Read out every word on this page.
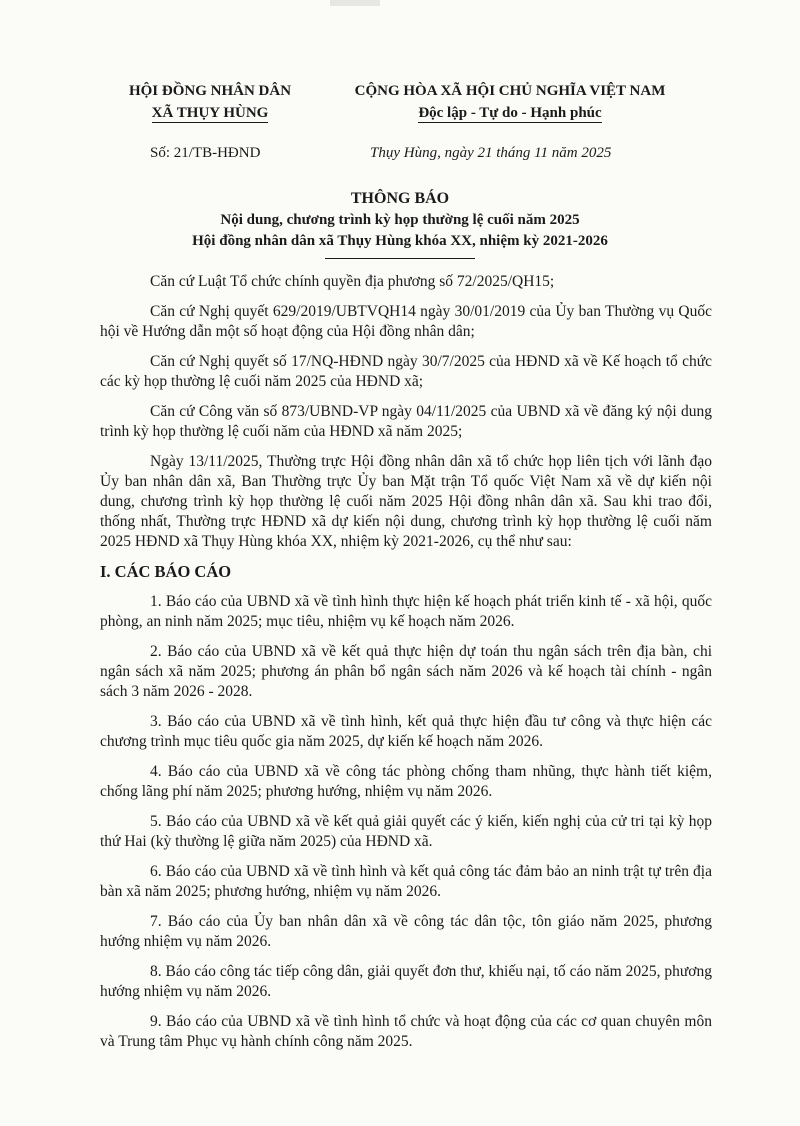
HỘI ĐỒNG NHÂN DÂN
XÃ THỤY HÙNG
CỘNG HÒA XÃ HỘI CHỦ NGHĨA VIỆT NAM
Độc lập - Tự do - Hạnh phúc
Số: 21/TB-HĐND	Thụy Hùng, ngày 21 tháng 11 năm 2025
THÔNG BÁO
Nội dung, chương trình kỳ họp thường lệ cuối năm 2025
Hội đồng nhân dân xã Thụy Hùng khóa XX, nhiệm kỳ 2021-2026

Căn cứ Luật Tổ chức chính quyền địa phương số 72/2025/QH15;

Căn cứ Nghị quyết 629/2019/UBTVQH14 ngày 30/01/2019 của Ủy ban Thường vụ Quốc hội về Hướng dẫn một số hoạt động của Hội đồng nhân dân;

Căn cứ Nghị quyết số 17/NQ-HĐND ngày 30/7/2025 của HĐND xã về Kế hoạch tổ chức các kỳ họp thường lệ cuối năm 2025 của HĐND xã;

Căn cứ Công văn số 873/UBND-VP ngày 04/11/2025 của UBND xã về đăng ký nội dung trình kỳ họp thường lệ cuối năm của HĐND xã năm 2025;

Ngày 13/11/2025, Thường trực Hội đồng nhân dân xã tổ chức họp liên tịch với lãnh đạo Ủy ban nhân dân xã, Ban Thường trực Ủy ban Mặt trận Tổ quốc Việt Nam xã về dự kiến nội dung, chương trình kỳ họp thường lệ cuối năm 2025 Hội đồng nhân dân xã. Sau khi trao đổi, thống nhất, Thường trực HĐND xã dự kiến nội dung, chương trình kỳ họp thường lệ cuối năm 2025 HĐND xã Thụy Hùng khóa XX, nhiệm kỳ 2021-2026, cụ thể như sau:

I. CÁC BÁO CÁO
1. Báo cáo của UBND xã về tình hình thực hiện kế hoạch phát triển kinh tế - xã hội, quốc phòng, an ninh năm 2025; mục tiêu, nhiệm vụ kế hoạch năm 2026.
2. Báo cáo của UBND xã về kết quả thực hiện dự toán thu ngân sách trên địa bàn, chi ngân sách xã năm 2025; phương án phân bổ ngân sách năm 2026 và kế hoạch tài chính - ngân sách 3 năm 2026 - 2028.
3. Báo cáo của UBND xã về tình hình, kết quả thực hiện đầu tư công và thực hiện các chương trình mục tiêu quốc gia năm 2025, dự kiến kế hoạch năm 2026.
4. Báo cáo của UBND xã về công tác phòng chống tham nhũng, thực hành tiết kiệm, chống lãng phí năm 2025; phương hướng, nhiệm vụ năm 2026.
5. Báo cáo của UBND xã về kết quả giải quyết các ý kiến, kiến nghị của cử tri tại kỳ họp thứ Hai (kỳ thường lệ giữa năm 2025) của HĐND xã.
6. Báo cáo của UBND xã về tình hình và kết quả công tác đảm bảo an ninh trật tự trên địa bàn xã năm 2025; phương hướng, nhiệm vụ năm 2026.
7. Báo cáo của Ủy ban nhân dân xã về công tác dân tộc, tôn giáo năm 2025, phương hướng nhiệm vụ năm 2026.
8. Báo cáo công tác tiếp công dân, giải quyết đơn thư, khiếu nại, tố cáo năm 2025, phương hướng nhiệm vụ năm 2026.
9. Báo cáo của UBND xã về tình hình tổ chức và hoạt động của các cơ quan chuyên môn và Trung tâm Phục vụ hành chính công năm 2025.
